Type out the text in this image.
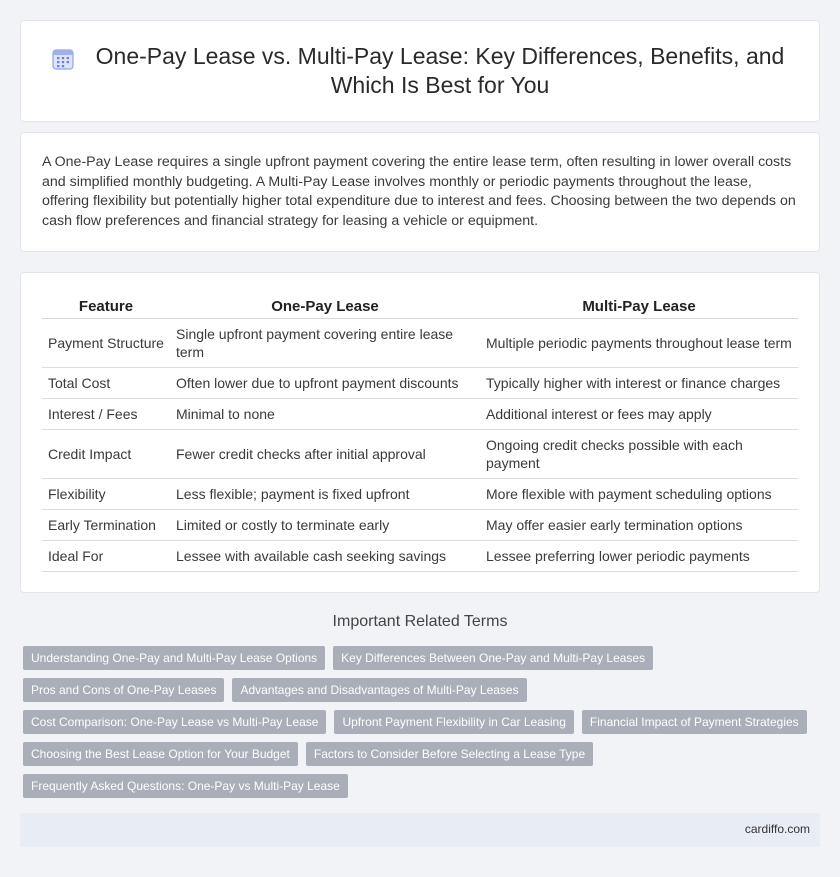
One-Pay Lease vs. Multi-Pay Lease: Key Differences, Benefits, and Which Is Best for You

A One-Pay Lease requires a single upfront payment covering the entire lease term, often resulting in lower overall costs and simplified monthly budgeting. A Multi-Pay Lease involves monthly or periodic payments throughout the lease, offering flexibility but potentially higher total expenditure due to interest and fees. Choosing between the two depends on cash flow preferences and financial strategy for leasing a vehicle or equipment.

Feature	One-Pay Lease	Multi-Pay Lease
Payment Structure	Single upfront payment covering entire lease term	Multiple periodic payments throughout lease term
Total Cost	Often lower due to upfront payment discounts	Typically higher with interest or finance charges
Interest / Fees	Minimal to none	Additional interest or fees may apply
Credit Impact	Fewer credit checks after initial approval	Ongoing credit checks possible with each payment
Flexibility	Less flexible; payment is fixed upfront	More flexible with payment scheduling options
Early Termination	Limited or costly to terminate early	May offer easier early termination options
Ideal For	Lessee with available cash seeking savings	Lessee preferring lower periodic payments
Important Related Terms
Understanding One-Pay and Multi-Pay Lease Options	Key Differences Between One-Pay and Multi-Pay Leases
Pros and Cons of One-Pay Leases	Advantages and Disadvantages of Multi-Pay Leases
Cost Comparison: One-Pay Lease vs Multi-Pay Lease	Upfront Payment Flexibility in Car Leasing	Financial Impact of Payment Strategies
Choosing the Best Lease Option for Your Budget	Factors to Consider Before Selecting a Lease Type
Frequently Asked Questions: One-Pay vs Multi-Pay Lease
cardiffo.com
